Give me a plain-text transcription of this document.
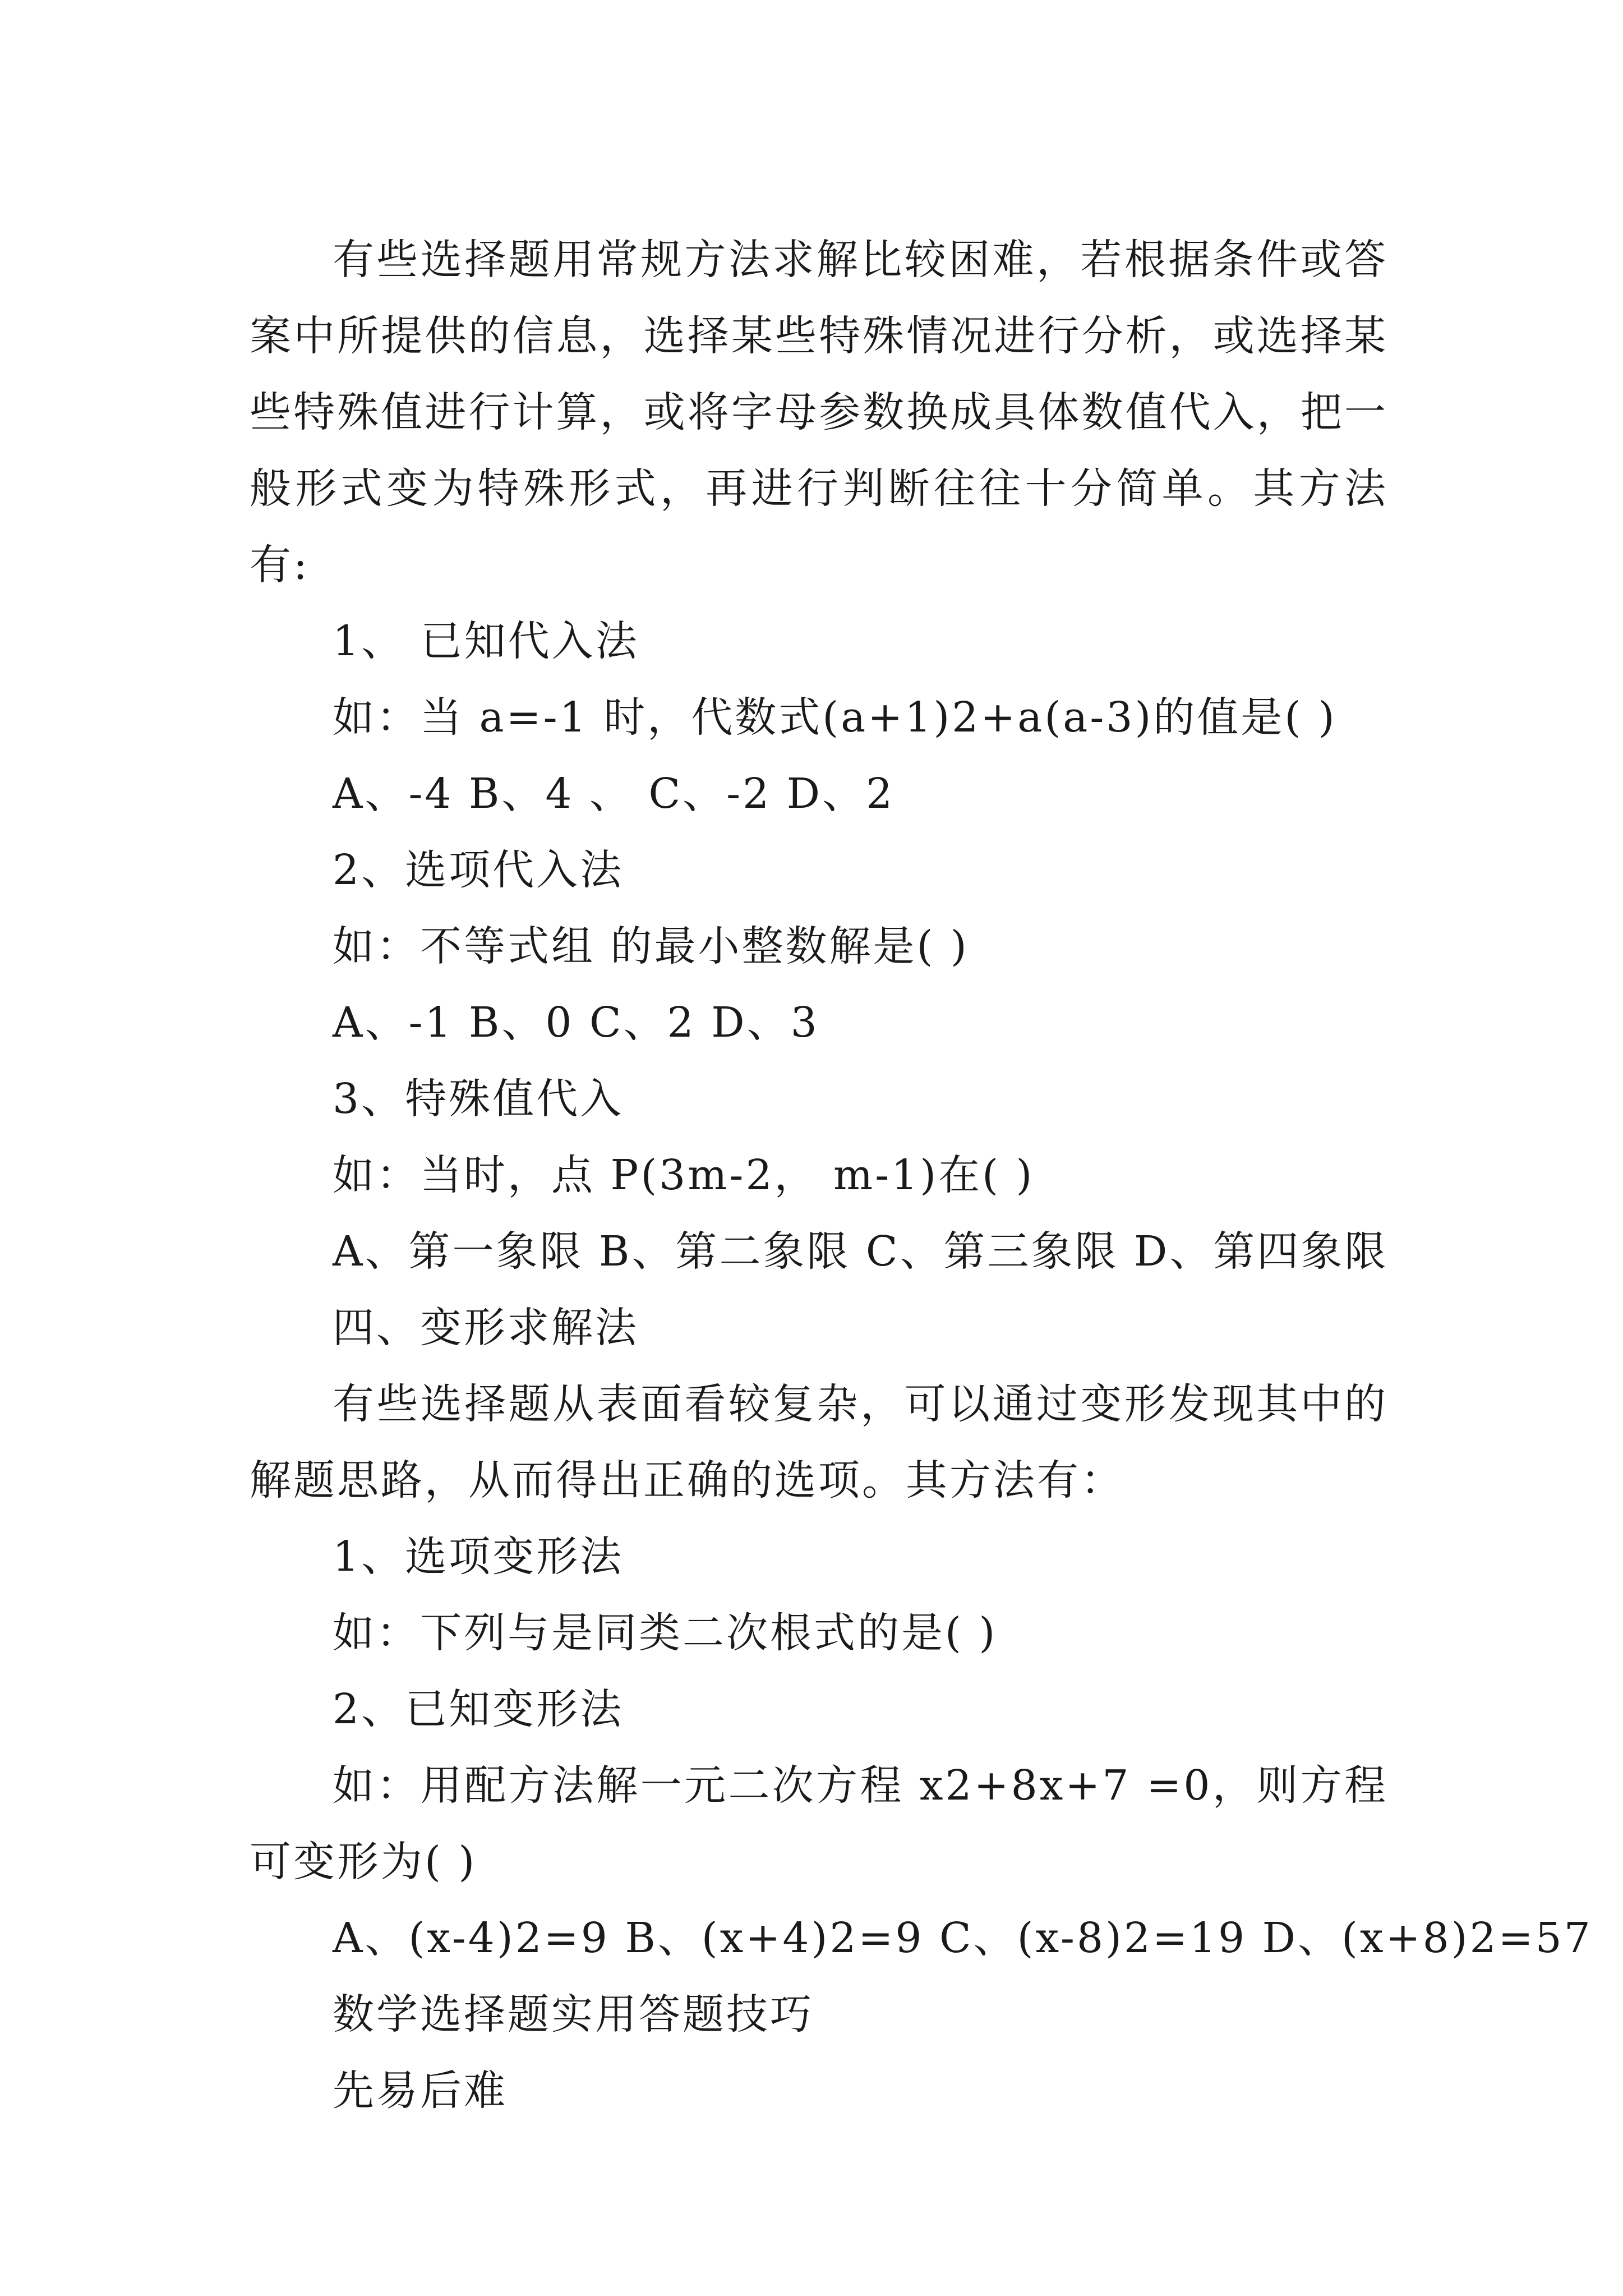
有些选择题用常规方法求解比较困难，若根据条件或答案中所提供的信息，选择某些特殊情况进行分析，或选择某些特殊值进行计算，或将字母参数换成具体数值代入，把一般形式变为特殊形式，再进行判断往往十分简单。其方法有:

1、 已知代入法

如：当 a=-1 时，代数式(a+1)2+a(a-3)的值是( )

A、-4 B、4 、 C、-2 D、2

2、选项代入法

如：不等式组 的最小整数解是( )

A、-1 B、0 C、2 D、3

3、特殊值代入

如：当时，点 P(3m-2， m-1)在( )

A、第一象限 B、第二象限 C、第三象限 D、第四象限

四、变形求解法

有些选择题从表面看较复杂，可以通过变形发现其中的解题思路，从而得出正确的选项。其方法有：

1、选项变形法

如：下列与是同类二次根式的是( )

2、已知变形法

如：用配方法解一元二次方程 x2+8x+7 =0，则方程可变形为( )

A、(x-4)2=9 B、(x+4)2=9 C、(x-8)2=19 D、(x+8)2=57

数学选择题实用答题技巧

先易后难
